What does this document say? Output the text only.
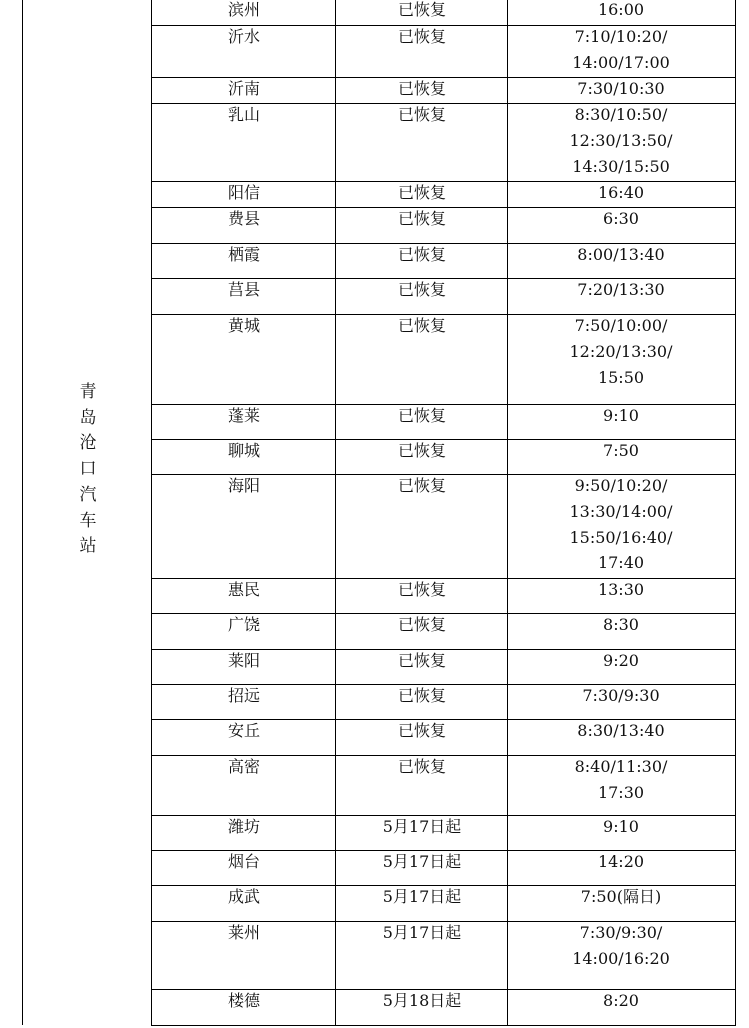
青
岛
沧
口
汽
车
站
滨州	已恢复	16:00
沂水	已恢复	7:10/10:20/
14:00/17:00
沂南	已恢复	7:30/10:30
乳山	已恢复	8:30/10:50/
12:30/13:50/
14:30/15:50
阳信	已恢复	16:40
费县	已恢复	6:30
栖霞	已恢复	8:00/13:40
莒县	已恢复	7:20/13:30
黄城	已恢复	7:50/10:00/
12:20/13:30/
15:50
蓬莱	已恢复	9:10
聊城	已恢复	7:50
海阳	已恢复	9:50/10:20/
13:30/14:00/
15:50/16:40/
17:40
惠民	已恢复	13:30
广饶	已恢复	8:30
莱阳	已恢复	9:20
招远	已恢复	7:30/9:30
安丘	已恢复	8:30/13:40
高密	已恢复	8:40/11:30/
17:30
潍坊	5月17日起	9:10
烟台	5月17日起	14:20
成武	5月17日起	7:50(隔日)
莱州	5月17日起	7:30/9:30/
14:00/16:20
楼德	5月18日起	8:20
